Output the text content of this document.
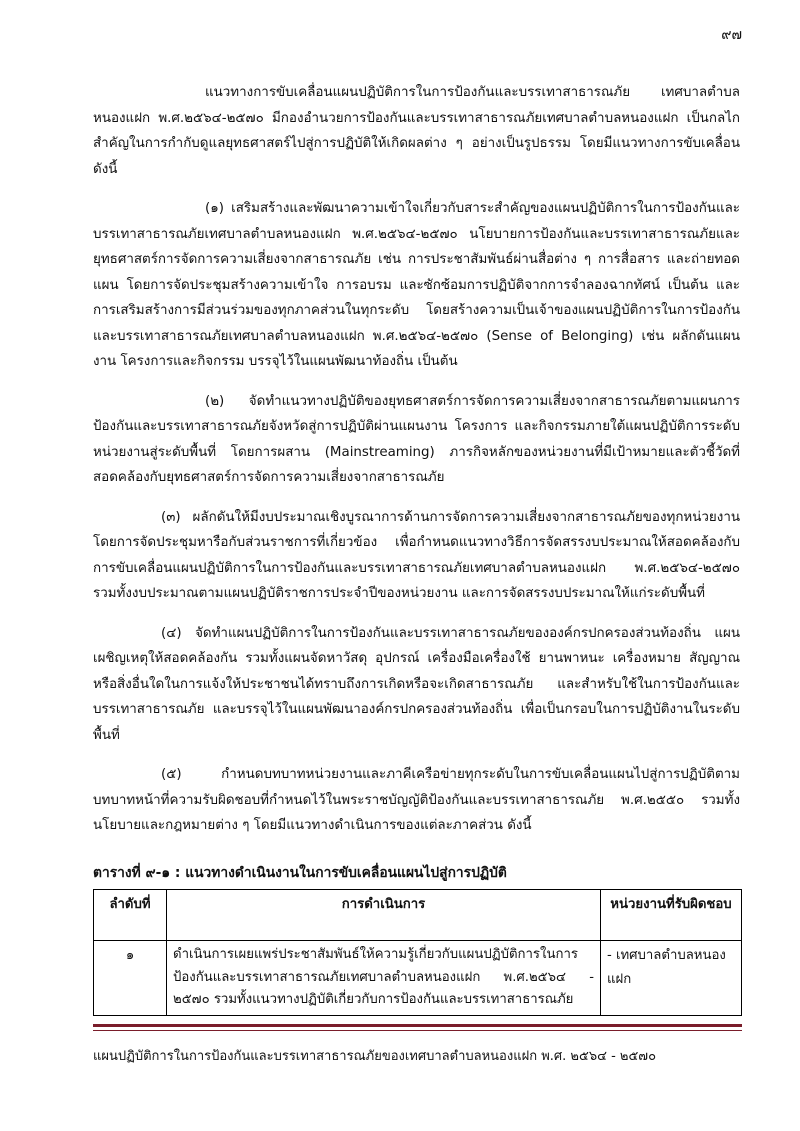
๙๗

แนวทางการขับเคลื่อนแผนปฏิบัติการในการป้องกันและบรรเทาสาธารณภัย เทศบาลตำบลหนองแฝก พ.ศ.๒๕๖๔-๒๕๗๐ มีกองอำนวยการป้องกันและบรรเทาสาธารณภัยเทศบาลตำบลหนองแฝก เป็นกลไกสำคัญในการกำกับดูแลยุทธศาสตร์ไปสู่การปฏิบัติให้เกิดผลต่าง ๆ อย่างเป็นรูปธรรม โดยมีแนวทางการขับเคลื่อน ดังนี้

(๑) เสริมสร้างและพัฒนาความเข้าใจเกี่ยวกับสาระสำคัญของแผนปฏิบัติการในการป้องกันและบรรเทาสาธารณภัยเทศบาลตำบลหนองแฝก พ.ศ.๒๕๖๔-๒๕๗๐ นโยบายการป้องกันและบรรเทาสาธารณภัยและยุทธศาสตร์การจัดการความเสี่ยงจากสาธารณภัย เช่น การประชาสัมพันธ์ผ่านสื่อต่าง ๆ การสื่อสาร และถ่ายทอดแผน โดยการจัดประชุมสร้างความเข้าใจ การอบรม และซักซ้อมการปฏิบัติจากการจำลองฉากทัศน์ เป็นต้น และการเสริมสร้างการมีส่วนร่วมของทุกภาคส่วนในทุกระดับ โดยสร้างความเป็นเจ้าของแผนปฏิบัติการในการป้องกันและบรรเทาสาธารณภัยเทศบาลตำบลหนองแฝก พ.ศ.๒๕๖๔-๒๕๗๐ (Sense of Belonging) เช่น ผลักดันแผนงาน โครงการและกิจกรรม บรรจุไว้ในแผนพัฒนาท้องถิ่น เป็นต้น

(๒) จัดทำแนวทางปฏิบัติของยุทธศาสตร์การจัดการความเสี่ยงจากสาธารณภัยตามแผนการป้องกันและบรรเทาสาธารณภัยจังหวัดสู่การปฏิบัติผ่านแผนงาน โครงการ และกิจกรรมภายใต้แผนปฏิบัติการระดับหน่วยงานสู่ระดับพื้นที่ โดยการผสาน (Mainstreaming) ภารกิจหลักของหน่วยงานที่มีเป้าหมายและตัวชี้วัดที่สอดคล้องกับยุทธศาสตร์การจัดการความเสี่ยงจากสาธารณภัย

(๓) ผลักดันให้มีงบประมาณเชิงบูรณาการด้านการจัดการความเสี่ยงจากสาธารณภัยของทุกหน่วยงาน โดยการจัดประชุมหารือกับส่วนราชการที่เกี่ยวข้อง เพื่อกำหนดแนวทางวิธีการจัดสรรงบประมาณให้สอดคล้องกับการขับเคลื่อนแผนปฏิบัติการในการป้องกันและบรรเทาสาธารณภัยเทศบาลตำบลหนองแฝก พ.ศ.๒๕๖๔-๒๕๗๐ รวมทั้งงบประมาณตามแผนปฏิบัติราชการประจำปีของหน่วยงาน และการจัดสรรงบประมาณให้แก่ระดับพื้นที่

(๔) จัดทำแผนปฏิบัติการในการป้องกันและบรรเทาสาธารณภัยขององค์กรปกครองส่วนท้องถิ่น แผนเผชิญเหตุให้สอดคล้องกัน รวมทั้งแผนจัดหาวัสดุ อุปกรณ์ เครื่องมือเครื่องใช้ ยานพาหนะ เครื่องหมาย สัญญาณหรือสิ่งอื่นใดในการแจ้งให้ประชาชนได้ทราบถึงการเกิดหรือจะเกิดสาธารณภัย และสำหรับใช้ในการป้องกันและบรรเทาสาธารณภัย และบรรจุไว้ในแผนพัฒนาองค์กรปกครองส่วนท้องถิ่น เพื่อเป็นกรอบในการปฏิบัติงานในระดับพื้นที่

(๕) กำหนดบทบาทหน่วยงานและภาคีเครือข่ายทุกระดับในการขับเคลื่อนแผนไปสู่การปฏิบัติตามบทบาทหน้าที่ความรับผิดชอบที่กำหนดไว้ในพระราชบัญญัติป้องกันและบรรเทาสาธารณภัย พ.ศ.๒๕๕๐ รวมทั้งนโยบายและกฎหมายต่าง ๆ โดยมีแนวทางดำเนินการของแต่ละภาคส่วน ดังนี้

ตารางที่ ๙-๑ : แนวทางดำเนินงานในการขับเคลื่อนแผนไปสู่การปฏิบัติ
ลำดับที่	การดำเนินการ	หน่วยงานที่รับผิดชอบ
๑	ดำเนินการเผยแพร่ประชาสัมพันธ์ให้ความรู้เกี่ยวกับแผนปฏิบัติการในการป้องกันและบรรเทาสาธารณภัยเทศบาลตำบลหนองแฝก พ.ศ.๒๕๖๔ - ๒๕๗๐ รวมทั้งแนวทางปฏิบัติเกี่ยวกับการป้องกันและบรรเทาสาธารณภัย	- เทศบาลตำบลหนองแฝก
แผนปฏิบัติการในการป้องกันและบรรเทาสาธารณภัยของเทศบาลตำบลหนองแฝก พ.ศ. ๒๕๖๔ - ๒๕๗๐
